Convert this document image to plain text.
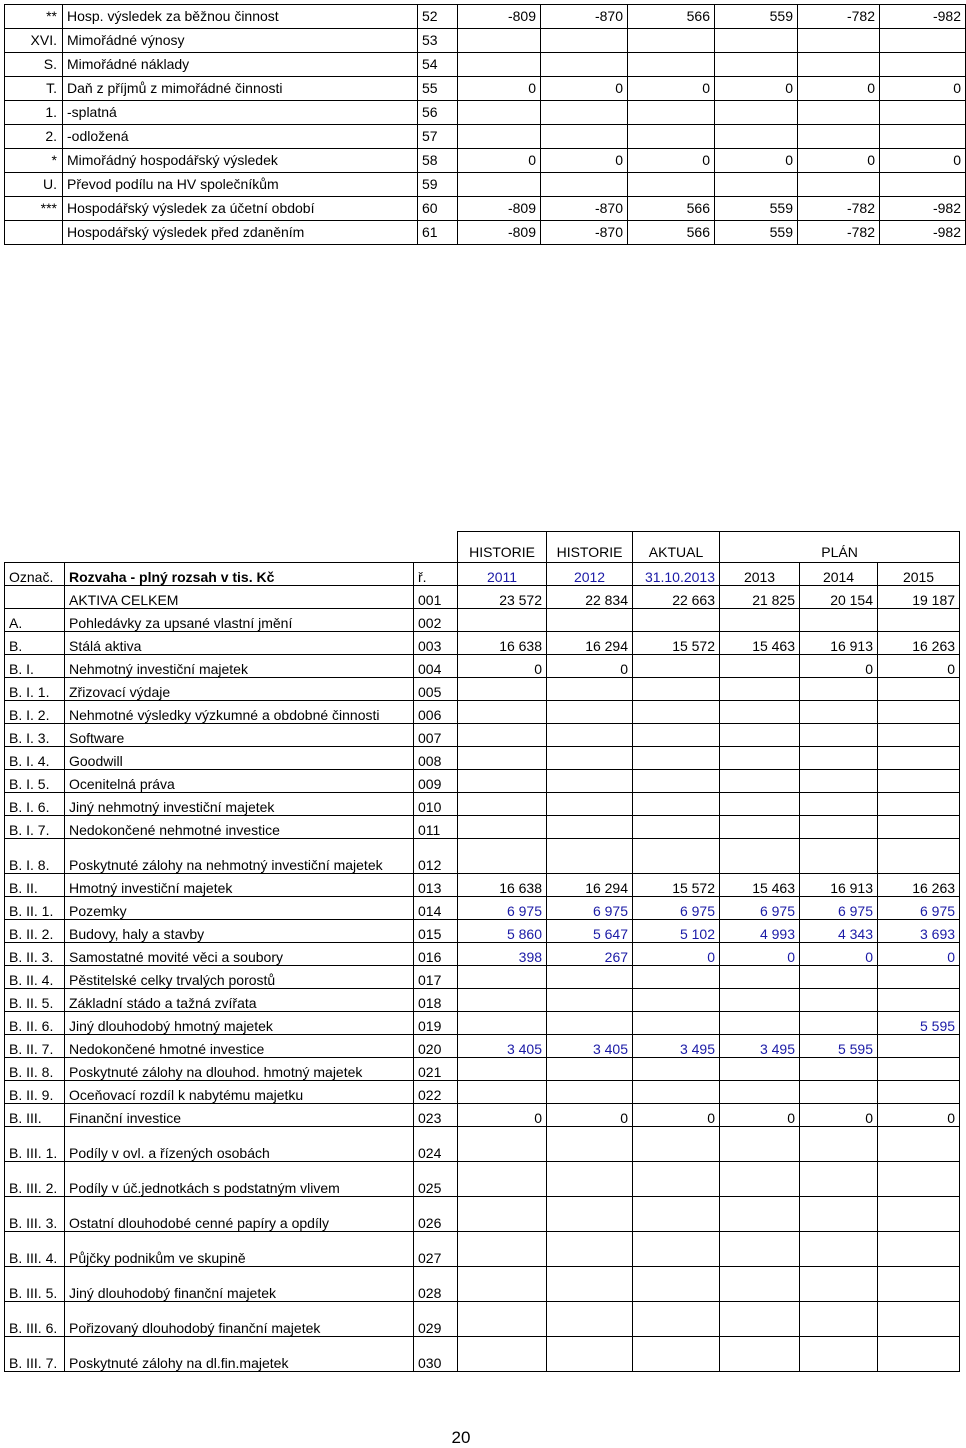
**	Hosp. výsledek za běžnou činnost	52	-809	-870	566	559	-782	-982
XVI.	Mimořádné výnosy	53						
S.	Mimořádné náklady	54						
T.	Daň z příjmů z mimořádné činnosti	55	0	0	0	0	0	0
1.	-splatná	56						
2.	-odložená	57						
*	Mimořádný hospodářský výsledek	58	0	0	0	0	0	0
U.	Převod podílu na HV společníkům	59						
***	Hospodářský výsledek za účetní období	60	-809	-870	566	559	-782	-982
	Hospodářský výsledek před zdaněním	61	-809	-870	566	559	-782	-982
			HISTORIE	HISTORIE	AKTUAL	PLÁN		
Označ.	Rozvaha - plný rozsah v tis. Kč	ř.	2011	2012	31.10.2013	2013	2014	2015
	AKTIVA CELKEM	001	23 572	22 834	22 663	21 825	20 154	19 187
A.	Pohledávky za upsané vlastní jmění	002						
B.	Stálá aktiva	003	16 638	16 294	15 572	15 463	16 913	16 263
B. I.	Nehmotný investiční majetek	004	0	0			0	0
B. I. 1.	Zřizovací výdaje	005						
B. I. 2.	Nehmotné výsledky výzkumné a obdobné činnosti	006						
B. I. 3.	Software	007						
B. I. 4.	Goodwill	008						
B. I. 5.	Ocenitelná práva	009						
B. I. 6.	Jiný nehmotný investiční majetek	010						
B. I. 7.	Nedokončené nehmotné investice	011						
B. I. 8.	Poskytnuté zálohy na nehmotný investiční majetek	012						
B. II.	Hmotný investiční majetek	013	16 638	16 294	15 572	15 463	16 913	16 263
B. II. 1.	Pozemky	014	6 975	6 975	6 975	6 975	6 975	6 975
B. II. 2.	Budovy, haly a stavby	015	5 860	5 647	5 102	4 993	4 343	3 693
B. II. 3.	Samostatné movité věci a soubory	016	398	267	0	0	0	0
B. II. 4.	Pěstitelské celky trvalých porostů	017						
B. II. 5.	Základní stádo a tažná zvířata	018						
B. II. 6.	Jiný dlouhodobý hmotný majetek	019						5 595
B. II. 7.	Nedokončené hmotné investice	020	3 405	3 405	3 495	3 495	5 595	
B. II. 8.	Poskytnuté zálohy na dlouhod. hmotný majetek	021						
B. II. 9.	Oceňovací rozdíl k nabytému majetku	022						
B. III.	Finanční investice	023	0	0	0	0	0	0
B. III. 1.	Podíly v ovl. a řízených osobách	024						
B. III. 2.	Podíly v úč.jednotkách s podstatným vlivem	025						
B. III. 3.	Ostatní dlouhodobé cenné papíry a opdíly	026						
B. III. 4.	Půjčky podnikům ve skupině	027						
B. III. 5.	Jiný dlouhodobý finanční majetek	028						
B. III. 6.	Pořizovaný dlouhodobý finanční majetek	029						
B. III. 7.	Poskytnuté zálohy na dl.fin.majetek	030						
20
